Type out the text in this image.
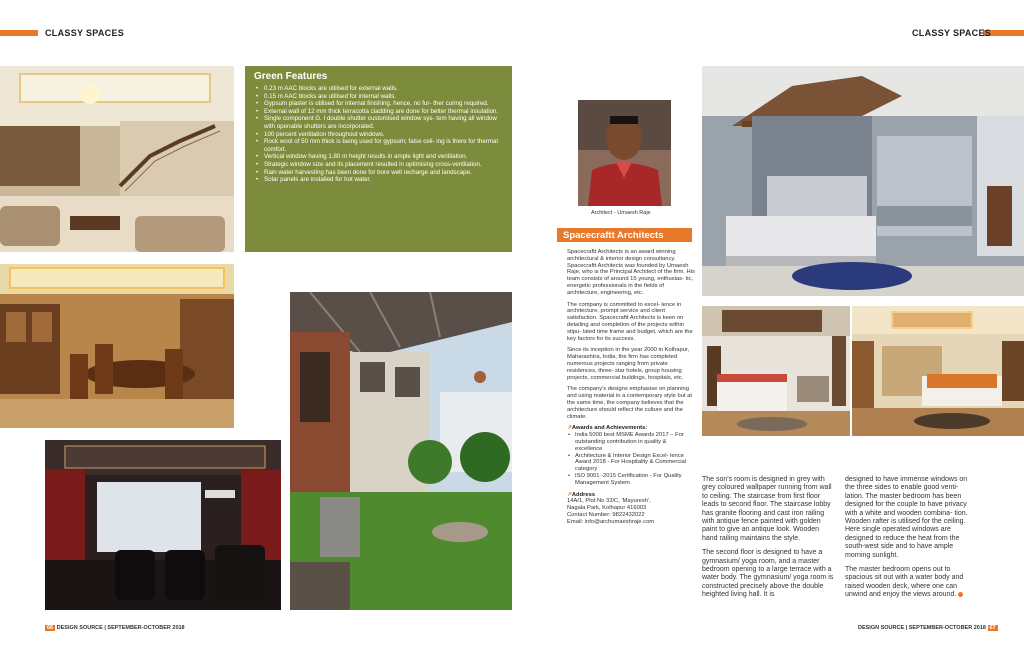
CLASSY SPACES	CLASSY SPACES
Green Features
• 0.23 m AAC blocks are utilised for external walls.
• 0.15 m AAC blocks are utilised for internal walls.
• Gypsum plaster is utilised for internal finishing, hence, no fur- ther curing required.
• External wall of 12 mm thick terracotta cladding are done for better thermal insulation.
• Single component G. I double shutter customised window sys- tem having all window with openable shutters are incorporated.
• 100 percent ventilation throughout windows.
• Rock wool of 50 mm thick is being used for gypsum; false ceil- ing is there for thermal comfort.
• Vertical window having 1.80 m height results in ample light and ventilation.
• Strategic window size and its placement resulted in optimising cross-ventilation.
• Rain water harvesting has been done for bore well recharge and landscape.
• Solar panels are installed for hot water.
Architect - Umaesh Raje
Spacecraftt Architects

Spacecraftt Architects is an award winning architectural & interior design consultancy. Spacecraftt Architects was founded by Umaesh Raje, who is the Principal Architect of the firm. His team consists of around 15 young, enthusias- tic, energetic professionals in the fields of architecture, engineering, etc.

The company is committed to excel- lence in architecture, prompt service and client satisfaction. Spacecraftt Architects is keen on detailing and completion of the projects within stipu- lated time frame and budget, which are the key factors for its success.

Since its inception in the year 2000 in Kolhapur, Maharashtra, India, the firm has completed numerous projects ranging from private residences, three- star hotels, group housing projects, commercial buildings, hospitals, etc.

The company's designs emphasise on planning and using material in a contemporary style but at the same time, the company believes that the architecture should reflect the culture and the climate.

↗Awards and Achievements:
• India 5000 best MSME Awards 2017 – For outstanding contribution in quality & excellence
• Architecture & Interior Design Excel- lence Award 2018 - For Hospitality & Commercial category
• ISO 9001 -2015 Certification - For Quality Management System
↗Address
14A/1, Plot No 33/C, 'Mayuresh',
Nagala Park, Kolhapur 416003
Contact Number: 9822432022
Email: info@archumaeshraje.com

The son's room is designed in grey with grey coloured wallpaper running from wall to ceiling. The staircase from first floor leads to second floor. The staircase lobby has granite flooring and cast iron railing with antique fence painted with golden paint to give an antique look. Wooden hand railing maintains the style.

The second floor is designed to have a gymnasium/ yoga room, and a master bedroom opening to a large terrace with a water body. The gymnasium/ yoga room is constructed precisely above the double heighted living hall. It is

designed to have immense windows on the three sides to enable good venti- lation. The master bedroom has been designed for the couple to have privacy with a white and wooden combina- tion. Wooden rafter is utilised for the ceiling. Here single operated windows are designed to reduce the heat from the south-west side and to have ample morning sunlight.

The master bedroom opens out to spacious sit out with a water body and raised wooden deck, where one can unwind and enjoy the views around.

66 DESIGN SOURCE | SEPTEMBER-OCTOBER 2018	DESIGN SOURCE | SEPTEMBER-OCTOBER 2018 67
